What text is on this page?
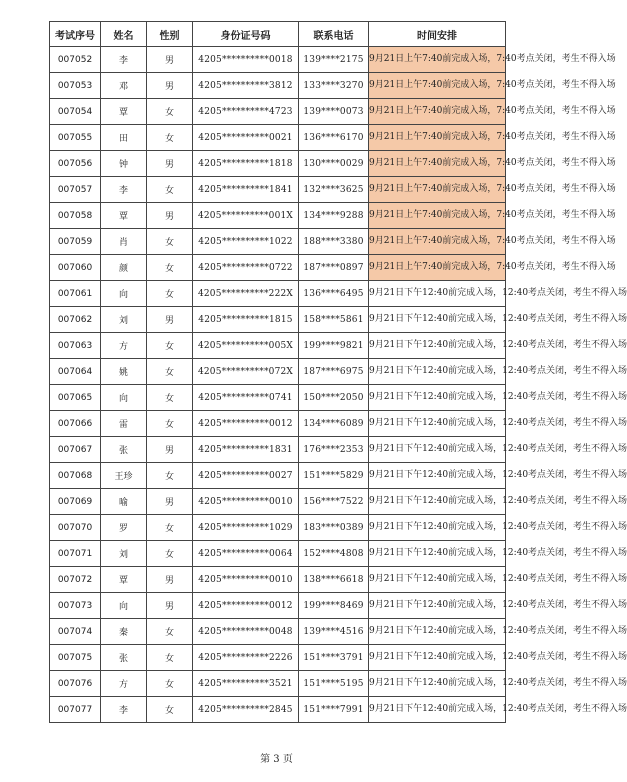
考试序号	姓名	性别	身份证号码	联系电话	时间安排
007052	李	男	4205**********0018	139****2175	9月21日上午7:40前完成入场，7:40考点关闭，考生不得入场
007053	邓	男	4205**********3812	133****3270	9月21日上午7:40前完成入场，7:40考点关闭，考生不得入场
007054	覃	女	4205**********4723	139****0073	9月21日上午7:40前完成入场，7:40考点关闭，考生不得入场
007055	田	女	4205**********0021	136****6170	9月21日上午7:40前完成入场，7:40考点关闭，考生不得入场
007056	钟	男	4205**********1818	130****0029	9月21日上午7:40前完成入场，7:40考点关闭，考生不得入场
007057	李	女	4205**********1841	132****3625	9月21日上午7:40前完成入场，7:40考点关闭，考生不得入场
007058	覃	男	4205**********001X	134****9288	9月21日上午7:40前完成入场，7:40考点关闭，考生不得入场
007059	肖	女	4205**********1022	188****3380	9月21日上午7:40前完成入场，7:40考点关闭，考生不得入场
007060	颜	女	4205**********0722	187****0897	9月21日上午7:40前完成入场，7:40考点关闭，考生不得入场
007061	向	女	4205**********222X	136****6495	9月21日下午12:40前完成入场，12:40考点关闭，考生不得入场
007062	刘	男	4205**********1815	158****5861	9月21日下午12:40前完成入场，12:40考点关闭，考生不得入场
007063	方	女	4205**********005X	199****9821	9月21日下午12:40前完成入场，12:40考点关闭，考生不得入场
007064	姚	女	4205**********072X	187****6975	9月21日下午12:40前完成入场，12:40考点关闭，考生不得入场
007065	向	女	4205**********0741	150****2050	9月21日下午12:40前完成入场，12:40考点关闭，考生不得入场
007066	雷	女	4205**********0012	134****6089	9月21日下午12:40前完成入场，12:40考点关闭，考生不得入场
007067	张	男	4205**********1831	176****2353	9月21日下午12:40前完成入场，12:40考点关闭，考生不得入场
007068	王珍	女	4205**********0027	151****5829	9月21日下午12:40前完成入场，12:40考点关闭，考生不得入场
007069	喻	男	4205**********0010	156****7522	9月21日下午12:40前完成入场，12:40考点关闭，考生不得入场
007070	罗	女	4205**********1029	183****0389	9月21日下午12:40前完成入场，12:40考点关闭，考生不得入场
007071	刘	女	4205**********0064	152****4808	9月21日下午12:40前完成入场，12:40考点关闭，考生不得入场
007072	覃	男	4205**********0010	138****6618	9月21日下午12:40前完成入场，12:40考点关闭，考生不得入场
007073	向	男	4205**********0012	199****8469	9月21日下午12:40前完成入场，12:40考点关闭，考生不得入场
007074	秦	女	4205**********0048	139****4516	9月21日下午12:40前完成入场，12:40考点关闭，考生不得入场
007075	张	女	4205**********2226	151****3791	9月21日下午12:40前完成入场，12:40考点关闭，考生不得入场
007076	方	女	4205**********3521	151****5195	9月21日下午12:40前完成入场，12:40考点关闭，考生不得入场
007077	李	女	4205**********2845	151****7991	9月21日下午12:40前完成入场，12:40考点关闭，考生不得入场
第 3 页
